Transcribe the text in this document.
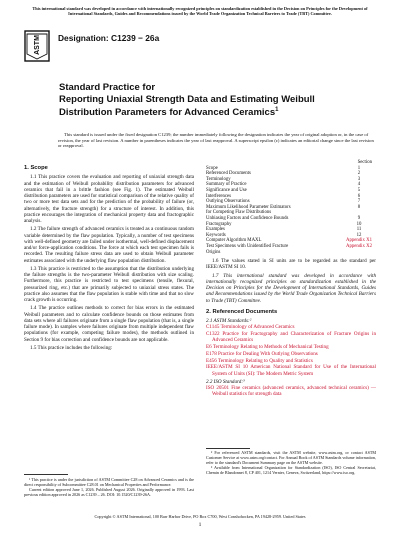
This international standard was developed in accordance with internationally recognized principles on standardization established in the Decision on Principles for the Development of International Standards, Guides and Recommendations issued by the World Trade Organization Technical Barriers to Trade (TBT) Committee.
ASTM Designation: C1239 − 26a
Standard Practice for
Reporting Uniaxial Strength Data and Estimating Weibull
Distribution Parameters for Advanced Ceramics$^1$

This standard is issued under the fixed designation C1239; the number immediately following the designation indicates the year of original adoption or, in the case of revision, the year of last revision. A number in parentheses indicates the year of last reapproval. A superscript epsilon (ε) indicates an editorial change since the last revision or reapproval.

1. Scope

1.1 This practice covers the evaluation and reporting of uniaxial strength data and the estimation of Weibull probability distribution parameters for advanced ceramics that fail in a brittle fashion (see Fig. 1). The estimated Weibull distribution parameters are used for statistical comparison of the relative quality of two or more test data sets and for the prediction of the probability of failure (or, alternatively, the fracture strength) for a structure of interest. In addition, this practice encourages the integration of mechanical property data and fractographic analysis.

1.2 The failure strength of advanced ceramics is treated as a continuous random variable determined by the flaw population. Typically, a number of test specimens with well-defined geometry are failed under isothermal, well-defined displacement and/or force-application conditions. The force at which each test specimen fails is recorded. The resulting failure stress data are used to obtain Weibull parameter estimates associated with the underlying flaw population distribution.

1.3 This practice is restricted to the assumption that the distribution underlying the failure strengths is the two-parameter Weibull distribution with size scaling. Furthermore, this practice is restricted to test specimens (tensile, flexural, pressurized ring, etc.) that are primarily subjected to uniaxial stress states. The practice also assumes that the flaw population is stable with time and that no slow crack growth is occurring.

1.4 The practice outlines methods to correct for bias errors in the estimated Weibull parameters and to calculate confidence bounds on those estimates from data sets where all failures originate from a single flaw population (that is, a single failure mode). In samples where failures originate from multiple independent flaw populations (for example, competing failure modes), the methods outlined in Section 9 for bias correction and confidence bounds are not applicable.

1.5 This practice includes the following:

¹ This practice is under the jurisdiction of ASTM Committee C28 on Advanced Ceramics and is the direct responsibility of Subcommittee C28.01 on Mechanical Properties and Performance.
Current edition approved June 1, 2026. Published August 2026. Originally approved in 1993. Last previous edition approved in 2026 as C1239 – 26. DOI: 10.1520/C1239-26A.
Section
Scope	1
Referenced Documents	2
Terminology	3
Summary of Practice	4
Significance and Use	5
Interferences	6
Outlying Observations	7
Maximum Likelihood Parameter Estimators	8
for Competing Flaw Distributions
Unbiasing Factors and Confidence Bounds	9
Fractography	10
Examples	11
Keywords	12
Computer Algorithm MAXL	Appendix X1
Test Specimens with Unidentified Fracture	Appendix X2
Origins

1.6 The values stated in SI units are to be regarded as the standard per IEEE/ASTM SI 10.

1.7 This international standard was developed in accordance with internationally recognized principles on standardization established in the Decision on Principles for the Development of International Standards, Guides and Recommendations issued by the World Trade Organization Technical Barriers to Trade (TBT) Committee.

2. Referenced Documents
2.1 ASTM Standards:²
C1145 Terminology of Advanced Ceramics
C1322 Practice for Fractography and Characterization of Fracture Origins in Advanced Ceramics
E6 Terminology Relating to Methods of Mechanical Testing
E178 Practice for Dealing With Outlying Observations
E456 Terminology Relating to Quality and Statistics
IEEE/ASTM SI 10 American National Standard for Use of the International System of Units (SI): The Modern Metric System
2.2 ISO Standard:³
ISO 20501 Fine ceramics (advanced ceramics, advanced technical ceramics) — Weibull statistics for strength data
² For referenced ASTM standards, visit the ASTM website, www.astm.org, or contact ASTM Customer Service at www.astm.org/contact. For Annual Book of ASTM Standards volume information, refer to the standard's Document Summary page on the ASTM website.
³ Available from International Organization for Standardization (ISO), ISO Central Secretariat, Chemin de Blandonnet 8, CP 401, 1214 Vernier, Geneva, Switzerland, https://www.iso.org.
Copyright © ASTM International, 100 Barr Harbor Drive, PO Box C700, West Conshohocken, PA 19428-2959. United States
1
